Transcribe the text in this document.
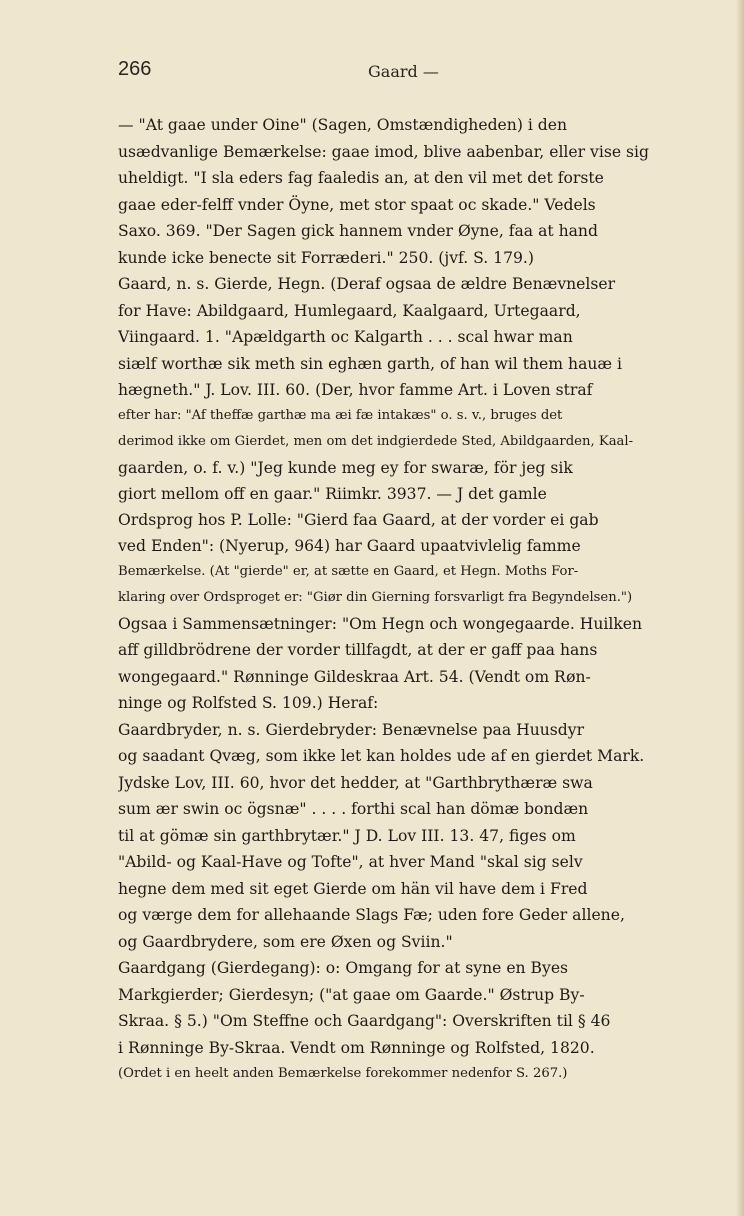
266	Gaard —
— "At gaae under Oine" (Sagen, Omstændigheden) i den
usædvanlige Bemærkelse: gaae imod, blive aabenbar, eller vise sig
uheldigt. "I sla eders fag faaledis an, at den vil met det forste
gaae eder-felff vnder Öyne, met stor spaat oc skade." Vedels
Saxo. 369. "Der Sagen gick hannem vnder Øyne, faa at hand
kunde icke benecte sit Forræderi." 250. (jvf. S. 179.)
Gaard, n. s. Gierde, Hegn. (Deraf ogsaa de ældre Benævnelser
for Have: Abildgaard, Humlegaard, Kaalgaard, Urtegaard,
Viingaard. 1. "Apældgarth oc Kalgarth . . . scal hwar man
siælf worthæ sik meth sin eghæn garth, of han wil them hauæ i
hægneth." J. Lov. III. 60. (Der, hvor famme Art. i Loven straf
efter har: "Af theffæ garthæ ma æi fæ intakæs" o. s. v., bruges det
derimod ikke om Gierdet, men om det indgierdede Sted, Abildgaarden, Kaal-
gaarden, o. f. v.) "Jeg kunde meg ey for swaræ, för jeg sik
giort mellom off en gaar." Riimkr. 3937. — J det gamle
Ordsprog hos P. Lolle: "Gierd faa Gaard, at der vorder ei gab
ved Enden": (Nyerup, 964) har Gaard upaatvivlelig famme
Bemærkelse. (At "gierde" er, at sætte en Gaard, et Hegn. Moths For-
klaring over Ordsproget er: "Giør din Gierning forsvarligt fra Begyndelsen.")
Ogsaa i Sammensætninger: "Om Hegn och wongegaarde. Huilken
aff gilldbrödrene der vorder tillfagdt, at der er gaff paa hans
wongegaard." Rønninge Gildeskraa Art. 54. (Vendt om Røn-
ninge og Rolfsted S. 109.) Heraf:
Gaardbryder, n. s. Gierdebryder: Benævnelse paa Huusdyr
og saadant Qvæg, som ikke let kan holdes ude af en gierdet Mark.
Jydske Lov, III. 60, hvor det hedder, at "Garthbrythæræ swa
sum ær swin oc ögsnæ" . . . . forthi scal han dömæ bondæn
til at gömæ sin garthbrytær." J D. Lov III. 13. 47, figes om
"Abild- og Kaal-Have og Tofte", at hver Mand "skal sig selv
hegne dem med sit eget Gierde om hän vil have dem i Fred
og værge dem for allehaande Slags Fæ; uden fore Geder allene,
og Gaardbrydere, som ere Øxen og Sviin."
Gaardgang (Gierdegang): o: Omgang for at syne en Byes
Markgierder; Gierdesyn; ("at gaae om Gaarde." Østrup By-
Skraa. § 5.) "Om Steffne och Gaardgang": Overskriften til § 46
i Rønninge By-Skraa. Vendt om Rønninge og Rolfsted, 1820.
(Ordet i en heelt anden Bemærkelse forekommer nedenfor S. 267.)
